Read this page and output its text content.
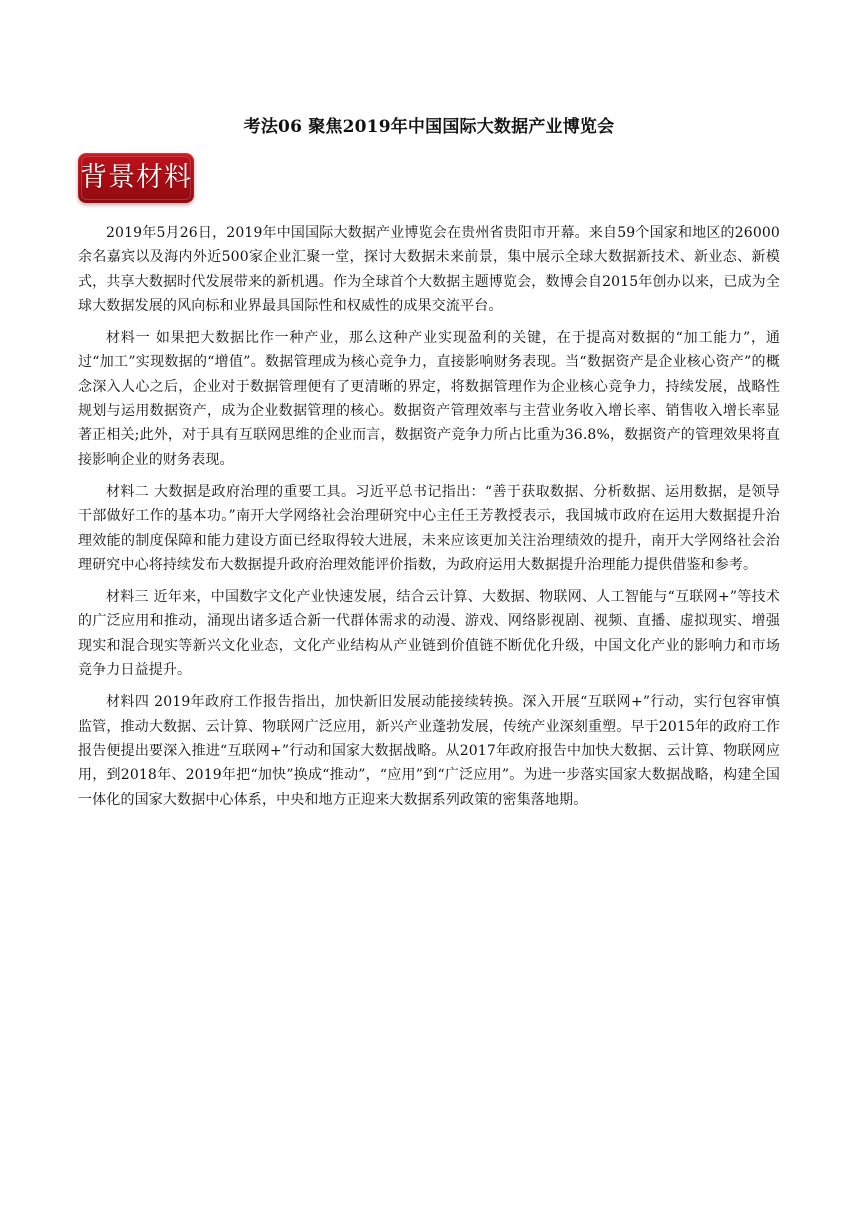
考法06 聚焦2019年中国国际大数据产业博览会
背景材料

2019年5月26日，2019年中国国际大数据产业博览会在贵州省贵阳市开幕。来自59个国家和地区的26000余名嘉宾以及海内外近500家企业汇聚一堂，探讨大数据未来前景，集中展示全球大数据新技术、新业态、新模式，共享大数据时代发展带来的新机遇。作为全球首个大数据主题博览会，数博会自2015年创办以来，已成为全球大数据发展的风向标和业界最具国际性和权威性的成果交流平台。

材料一 如果把大数据比作一种产业，那么这种产业实现盈利的关键，在于提高对数据的“加工能力”，通过“加工”实现数据的“增值”。数据管理成为核心竞争力，直接影响财务表现。当“数据资产是企业核心资产”的概念深入人心之后，企业对于数据管理便有了更清晰的界定，将数据管理作为企业核心竞争力，持续发展，战略性规划与运用数据资产，成为企业数据管理的核心。数据资产管理效率与主营业务收入增长率、销售收入增长率显著正相关;此外，对于具有互联网思维的企业而言，数据资产竞争力所占比重为36.8%，数据资产的管理效果将直接影响企业的财务表现。

材料二 大数据是政府治理的重要工具。习近平总书记指出：“善于获取数据、分析数据、运用数据，是领导干部做好工作的基本功。”南开大学网络社会治理研究中心主任王芳教授表示，我国城市政府在运用大数据提升治理效能的制度保障和能力建设方面已经取得较大进展，未来应该更加关注治理绩效的提升，南开大学网络社会治理研究中心将持续发布大数据提升政府治理效能评价指数，为政府运用大数据提升治理能力提供借鉴和参考。

材料三 近年来，中国数字文化产业快速发展，结合云计算、大数据、物联网、人工智能与“互联网+”等技术的广泛应用和推动，涌现出诸多适合新一代群体需求的动漫、游戏、网络影视剧、视频、直播、虚拟现实、增强现实和混合现实等新兴文化业态，文化产业结构从产业链到价值链不断优化升级，中国文化产业的影响力和市场竞争力日益提升。

材料四 2019年政府工作报告指出，加快新旧发展动能接续转换。深入开展“互联网+”行动，实行包容审慎监管，推动大数据、云计算、物联网广泛应用，新兴产业蓬勃发展，传统产业深刻重塑。早于2015年的政府工作报告便提出要深入推进“互联网+”行动和国家大数据战略。从2017年政府报告中加快大数据、云计算、物联网应用，到2018年、2019年把“加快”换成“推动”，“应用”到“广泛应用”。为进一步落实国家大数据战略，构建全国一体化的国家大数据中心体系，中央和地方正迎来大数据系列政策的密集落地期。
